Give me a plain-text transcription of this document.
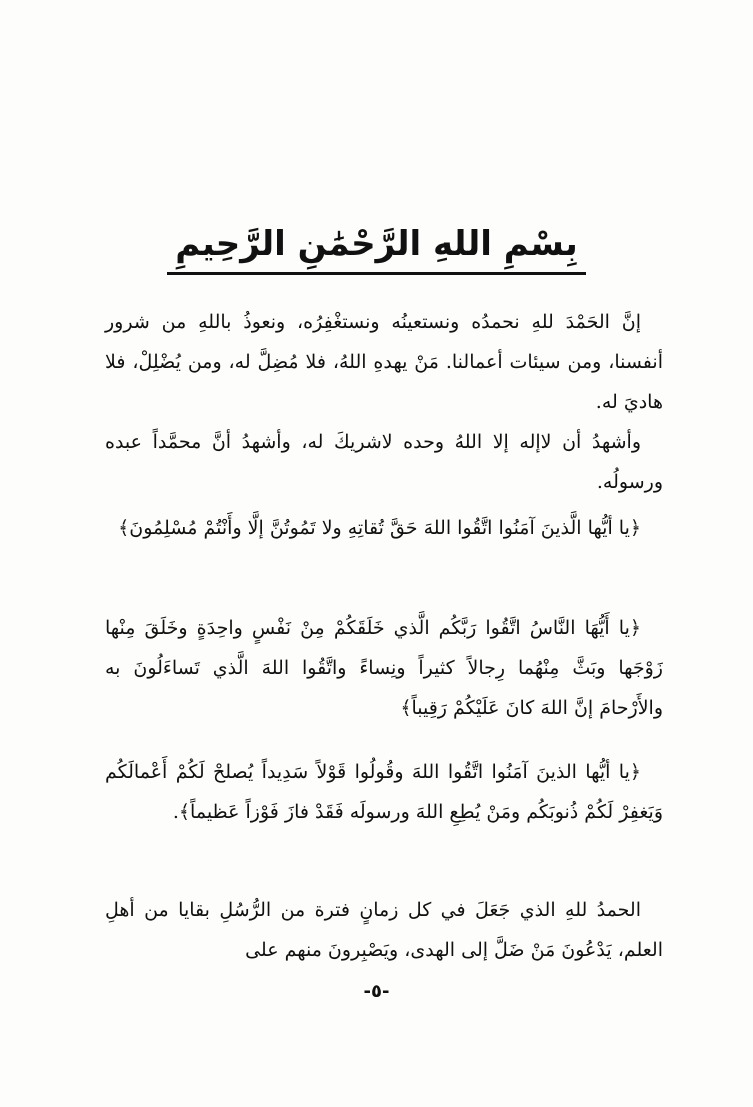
بِسْمِ اللهِ الرَّحْمَٰنِ الرَّحِيمِ

إنَّ الحَمْدَ للهِ نحمدُه ونستعينُه ونستغْفِرُه، ونعوذُ باللهِ من شرور أنفسنا، ومن سيئات أعمالنا. مَنْ يهدهِ اللهُ، فلا مُضِلَّ له، ومن يُضْلِلْ، فلا هاديَ له.

وأشهدُ أن لاإله إلا اللهُ وحده لاشريكَ له، وأشهدُ أنَّ محمَّداً عبده ورسولُه.

﴿يا أيُّها الَّذينَ آمَنُوا اتَّقُوا اللهَ حَقَّ تُقاتِهِ ولا تَمُوتُنَّ إلَّا وأَنْتُمْ مُسْلِمُونَ﴾

﴿يا أَيُّهَا النَّاسُ اتَّقُوا رَبَّكُم الَّذي خَلَقَكُمْ مِنْ نَفْسٍ واحِدَةٍ وخَلَقَ مِنْها زَوْجَها وبَثَّ مِنْهُما رِجالاً كثيراً ونِساءً واتَّقُوا اللهَ الَّذي تَساءَلُونَ به والأَرْحامَ إنَّ اللهَ كانَ عَلَيْكُمْ رَقِيباً﴾

﴿يا أيُّها الذينَ آمَنُوا اتَّقُوا اللهَ وقُولُوا قَوْلاً سَدِيداً يُصلحْ لَكُمْ أَعْمالَكُم وَيَغفِرْ لَكُمْ ذُنوبَكُم ومَنْ يُطِعِ اللهَ ورسولَه فَقَدْ فازَ فَوْزاً عَظيماً﴾.

الحمدُ للهِ الذي جَعَلَ في كل زمانٍ فترة من الرُّسُلِ بقايا من أهلِ العلم، يَدْعُونَ مَنْ ضَلَّ إلى الهدى، ويَصْبِرونَ منهم على

-٥-
